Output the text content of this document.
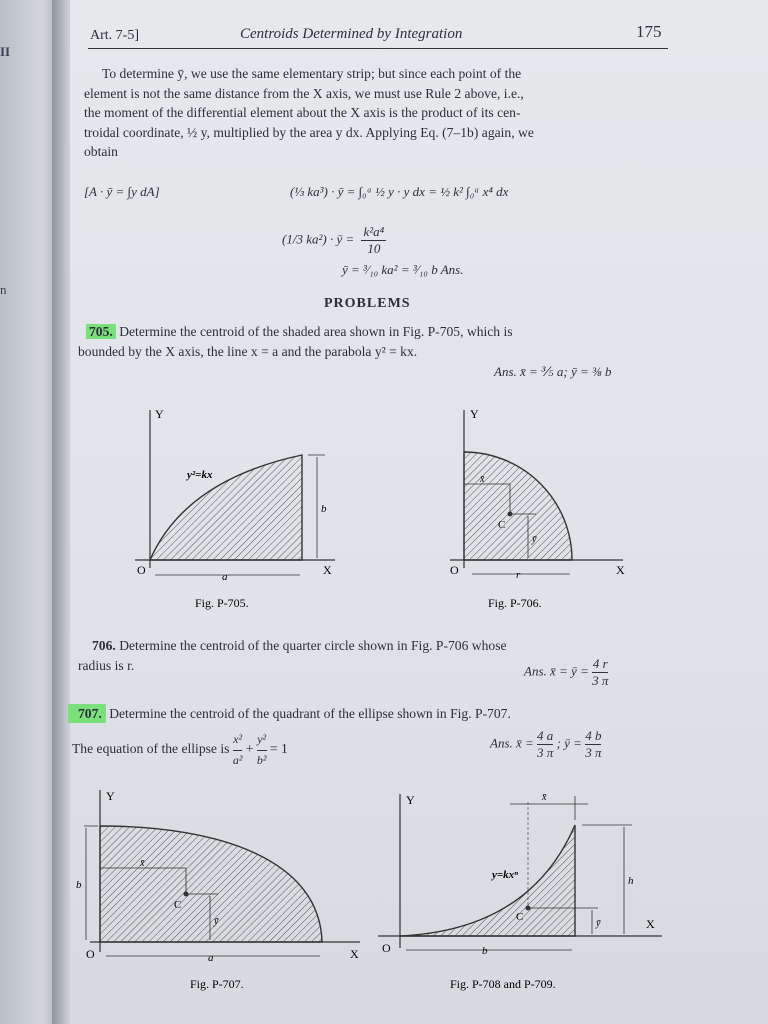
II
n
Art. 7-5]	Centroids Determined by Integration	175
To determine ȳ, we use the same elementary strip; but since each point of the
element is not the same distance from the X axis, we must use Rule 2 above, i.e.,
the moment of the differential element about the X axis is the product of its cen-
troidal coordinate, ½ y, multiplied by the area y dx. Applying Eq. (7–1b) again, we
obtain
[A · ȳ = ∫y dA]	(⅓ ka³) · ȳ = ∫₀ᵃ ½ y · y dx = ½ k² ∫₀ᵃ x⁴ dx
(1/3 ka²) · ȳ = $\frac{\text{k²a⁴}}{10}$
ȳ = ³⁄₁₀ ka² = ³⁄₁₀ b Ans.
PROBLEMS
705. Determine the centroid of the shaded area shown in Fig. P-705, which is
bounded by the X axis, the line x = a and the parabola y² = kx.
Ans. x̄ = ⅗ a; ȳ = ⅜ b
Y
O	X
y²=kx
a
b
Fig. P-705.
Y
O	X
C
x̄
ȳ
r
Fig. P-706.
706. Determine the centroid of the quarter circle shown in Fig. P-706 whose
radius is r.	Ans. x̄ = ȳ = $\frac{4 r}{3 \pi}$
707. Determine the centroid of the quadrant of the ellipse shown in Fig. P-707.
The equation of the ellipse is $\frac{\text{x²}}{\text{a²}} + \frac{\text{y²}}{\text{b²}} = 1$	Ans. x̄ = $\frac{4 a}{3 \pi}$ ; ȳ = $\frac{4 b}{3 \pi}$
Y
O	X
C
x̄
ȳ
a
b
Fig. P-707.
Y
O
X
y=kxⁿ
C
x̄
ȳ
b
h
Fig. P-708 and P-709.
